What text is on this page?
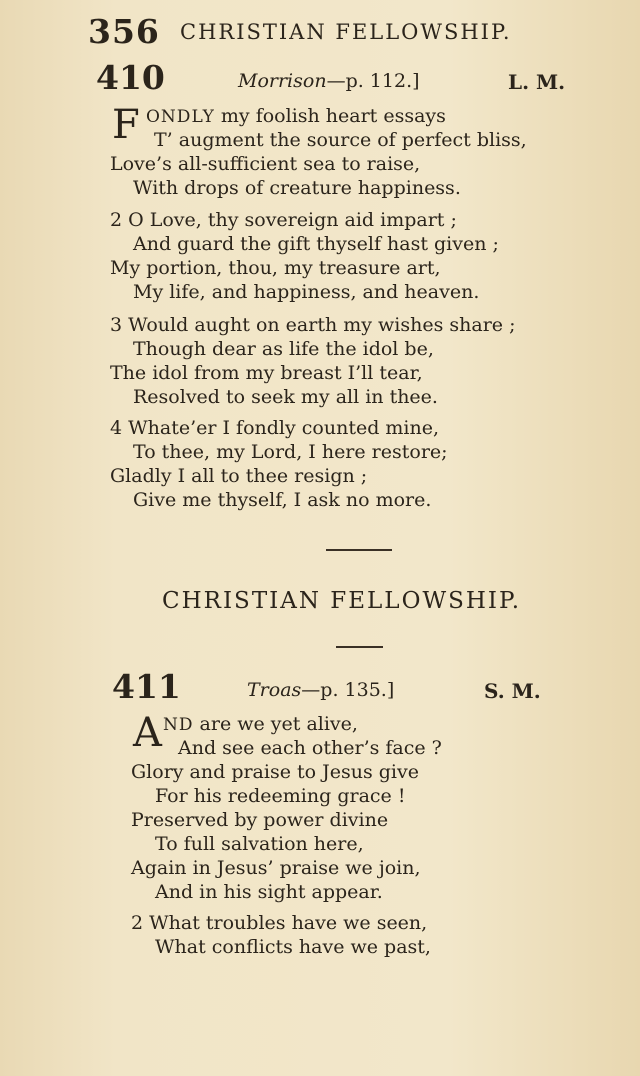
356 CHRISTIAN FELLOWSHIP.
410	Morrison—p. 112.]	L. M.
F ONDLY my foolish heart essays
T’ augment the source of perfect bliss,
Love’s all-sufficient sea to raise,
With drops of creature happiness.
2 O Love, thy sovereign aid impart ;
And guard the gift thyself hast given ;
My portion, thou, my treasure art,
My life, and happiness, and heaven.
3 Would aught on earth my wishes share ;
Though dear as life the idol be,
The idol from my breast I’ll tear,
Resolved to seek my all in thee.
4 Whate’er I fondly counted mine,
To thee, my Lord, I here restore;
Gladly I all to thee resign ;
Give me thyself, I ask no more.
CHRISTIAN FELLOWSHIP.
411	Troas—p. 135.]	S. M.
A ND are we yet alive,
And see each other’s face ?
Glory and praise to Jesus give
For his redeeming grace !
Preserved by power divine
To full salvation here,
Again in Jesus’ praise we join,
And in his sight appear.
2 What troubles have we seen,
What conflicts have we past,
